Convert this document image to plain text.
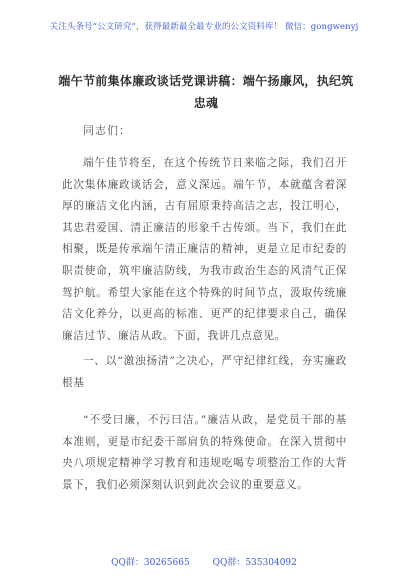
关注头条号“公文研究”，获得最新最全最专业的公文资料库！ 微信：gongwenyj
端午节前集体廉政谈话党课讲稿：端午扬廉风，执纪筑忠魂
同志们：

端午佳节将至，在这个传统节日来临之际，我们召开此次集体廉政谈话会，意义深远。端午节，本就蕴含着深厚的廉洁文化内涵，古有屈原秉持高洁之志，投江明心，其忠君爱国、清正廉洁的形象千古传颂。当下，我们在此相聚，既是传承端午清正廉洁的精神，更是立足市纪委的职责使命，筑牢廉洁防线，为我市政治生态的风清气正保驾护航。希望大家能在这个特殊的时间节点，汲取传统廉洁文化养分，以更高的标准、更严的纪律要求自己，确保廉洁过节、廉洁从政。下面，我讲几点意见。

一、以“激浊扬清”之决心，严守纪律红线，夯实廉政根基

“不受曰廉，不污曰洁。”廉洁从政，是党员干部的基本准则，更是市纪委干部肩负的特殊使命。在深入贯彻中央八项规定精神学习教育和违规吃喝专项整治工作的大背景下，我们必须深刻认识到此次会议的重要意义。

QQ群：30265665	QQ群：535304092
